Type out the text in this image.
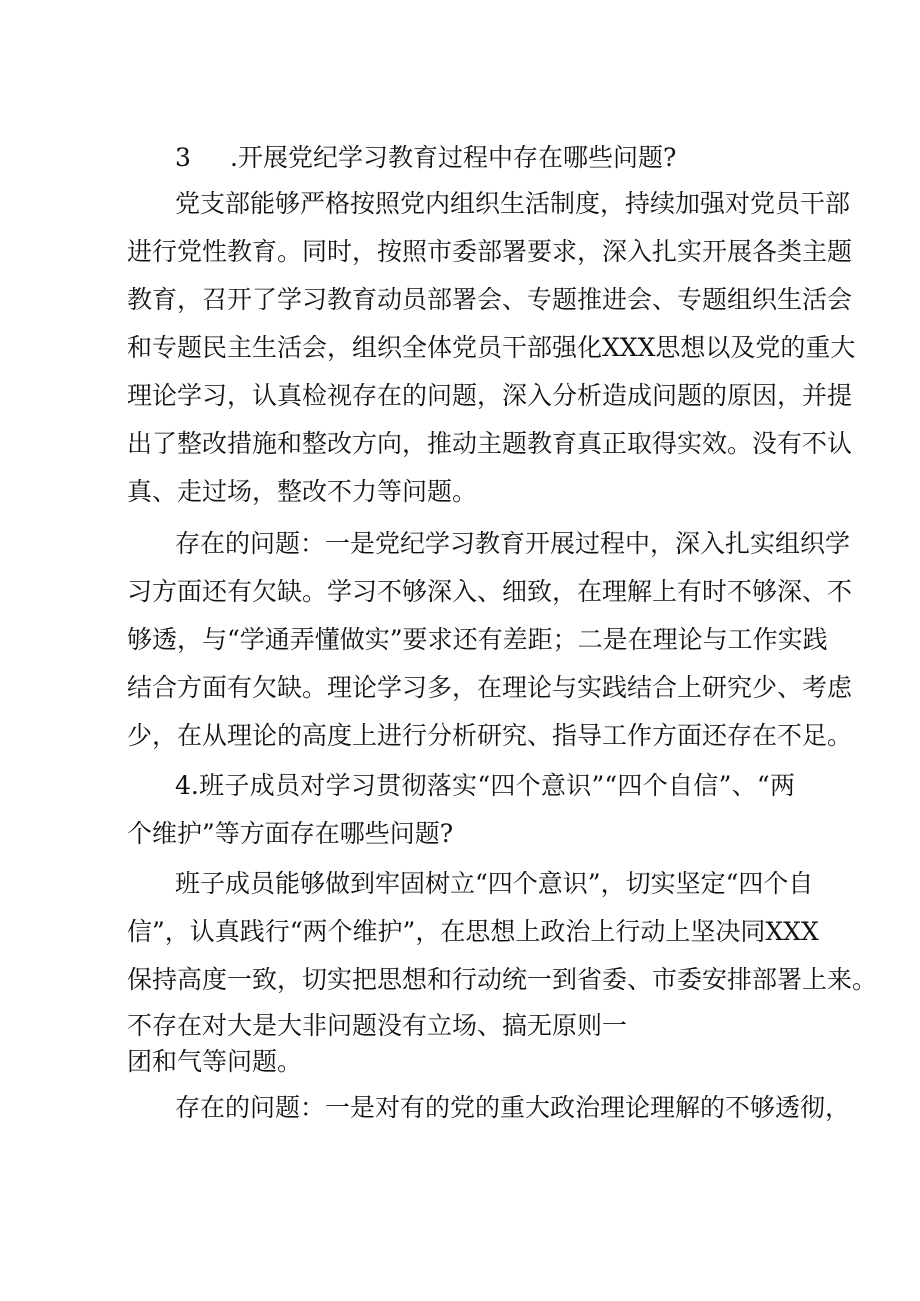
3 .开展党纪学习教育过程中存在哪些问题?

党支部能够严格按照党内组织生活制度，持续加强对党员干部

进行党性教育。同时，按照市委部署要求，深入扎实开展各类主题

教育，召开了学习教育动员部署会、专题推进会、专题组织生活会

和专题民主生活会，组织全体党员干部强化XXX思想以及党的重大

理论学习，认真检视存在的问题，深入分析造成问题的原因，并提

出了整改措施和整改方向，推动主题教育真正取得实效。没有不认

真、走过场，整改不力等问题。

存在的问题：一是党纪学习教育开展过程中，深入扎实组织学

习方面还有欠缺。学习不够深入、细致，在理解上有时不够深、不

够透，与“学通弄懂做实”要求还有差距；二是在理论与工作实践

结合方面有欠缺。理论学习多，在理论与实践结合上研究少、考虑

少，在从理论的高度上进行分析研究、指导工作方面还存在不足。

4.班子成员对学习贯彻落实“四个意识”“四个自信”、“两

个维护”等方面存在哪些问题?

班子成员能够做到牢固树立“四个意识”，切实坚定“四个自

信”，认真践行“两个维护”，在思想上政治上行动上坚决同XXX

保持高度一致，切实把思想和行动统一到省委、市委安排部署上来。

不存在对大是大非问题没有立场、搞无原则一

团和气等问题。

存在的问题：一是对有的党的重大政治理论理解的不够透彻，
